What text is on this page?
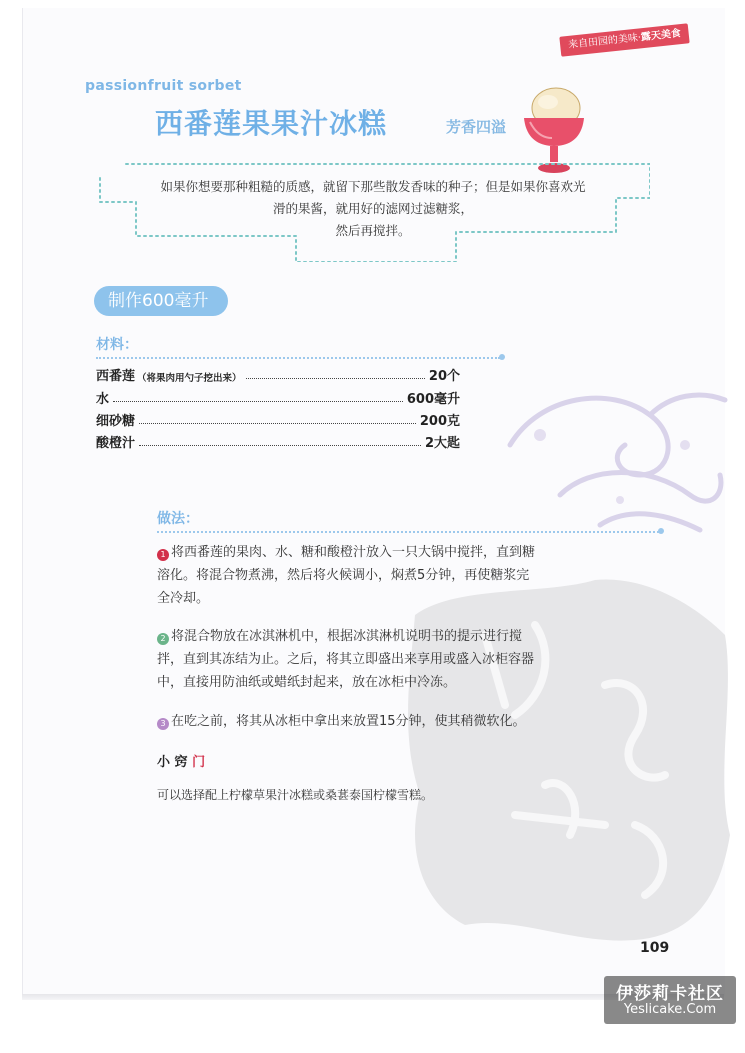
来自田园的美味·露天美食
passionfruit sorbet
西番莲果果汁冰糕	芳香四溢
如果你想要那种粗糙的质感，就留下那些散发香味的种子；但是如果你喜欢光
滑的果酱，就用好的滤网过滤糖浆，
然后再搅拌。
制作600毫升
材料：
西番莲 （将果肉用勺子挖出来）	20个
水	600毫升
细砂糖	200克
酸橙汁	2大匙
做法：
1 将西番莲的果肉、水、糖和酸橙汁放入一只大锅中搅拌，直到糖
溶化。将混合物煮沸，然后将火候调小，焖煮5分钟，再使糖浆完
全冷却。
2 将混合物放在冰淇淋机中，根据冰淇淋机说明书的提示进行搅
拌，直到其冻结为止。之后，将其立即盛出来享用或盛入冰柜容器
中，直接用防油纸或蜡纸封起来，放在冰柜中冷冻。
3 在吃之前，将其从冰柜中拿出来放置15分钟，使其稍微软化。
小 窍 门
可以选择配上柠檬草果汁冰糕或桑葚泰国柠檬雪糕。
109
伊莎莉卡社区
Yeslicake.Com
